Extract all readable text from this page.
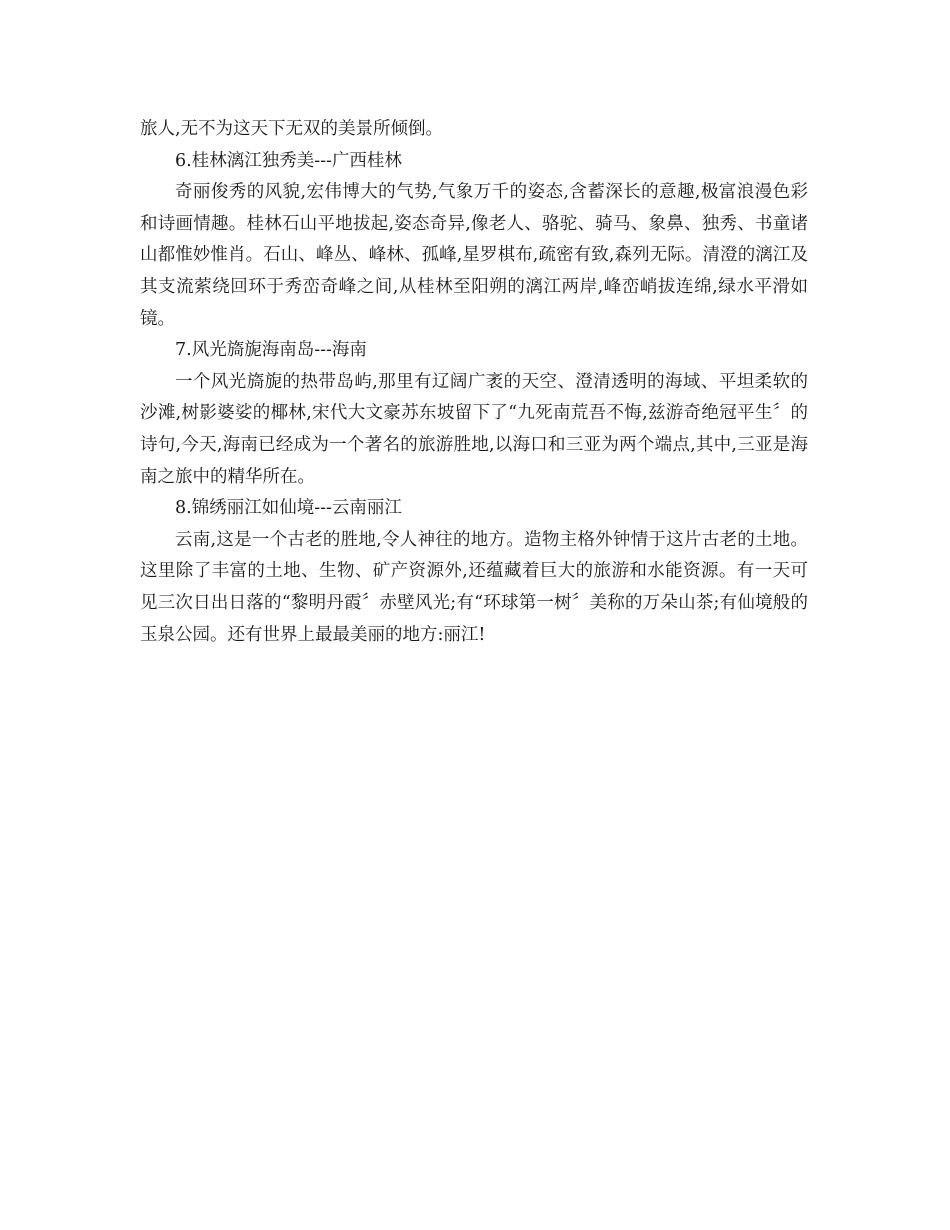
旅人,无不为这天下无双的美景所倾倒。

6.桂林漓江独秀美---广西桂林

奇丽俊秀的风貌,宏伟博大的气势,气象万千的姿态,含蓄深长的意趣,极富浪漫色彩和诗画情趣。桂林石山平地拔起,姿态奇异,像老人、骆驼、骑马、象鼻、独秀、书童诸山都惟妙惟肖。石山、峰丛、峰林、孤峰,星罗棋布,疏密有致,森列无际。清澄的漓江及其支流萦绕回环于秀峦奇峰之间,从桂林至阳朔的漓江两岸,峰峦峭拔连绵,绿水平滑如镜。

7.风光旖旎海南岛---海南

一个风光旖旎的热带岛屿,那里有辽阔广袤的天空、澄清透明的海域、平坦柔软的沙滩,树影婆娑的椰林,宋代大文豪苏东坡留下了“九死南荒吾不悔,兹游奇绝冠平生〞的诗句,今天,海南已经成为一个著名的旅游胜地,以海口和三亚为两个端点,其中,三亚是海南之旅中的精华所在。

8.锦绣丽江如仙境---云南丽江

云南,这是一个古老的胜地,令人神往的地方。造物主格外钟情于这片古老的土地。这里除了丰富的土地、生物、矿产资源外,还蕴藏着巨大的旅游和水能资源。有一天可见三次日出日落的“黎明丹霞〞赤壁风光;有“环球第一树〞美称的万朵山茶;有仙境般的玉泉公园。还有世界上最最美丽的地方:丽江!
